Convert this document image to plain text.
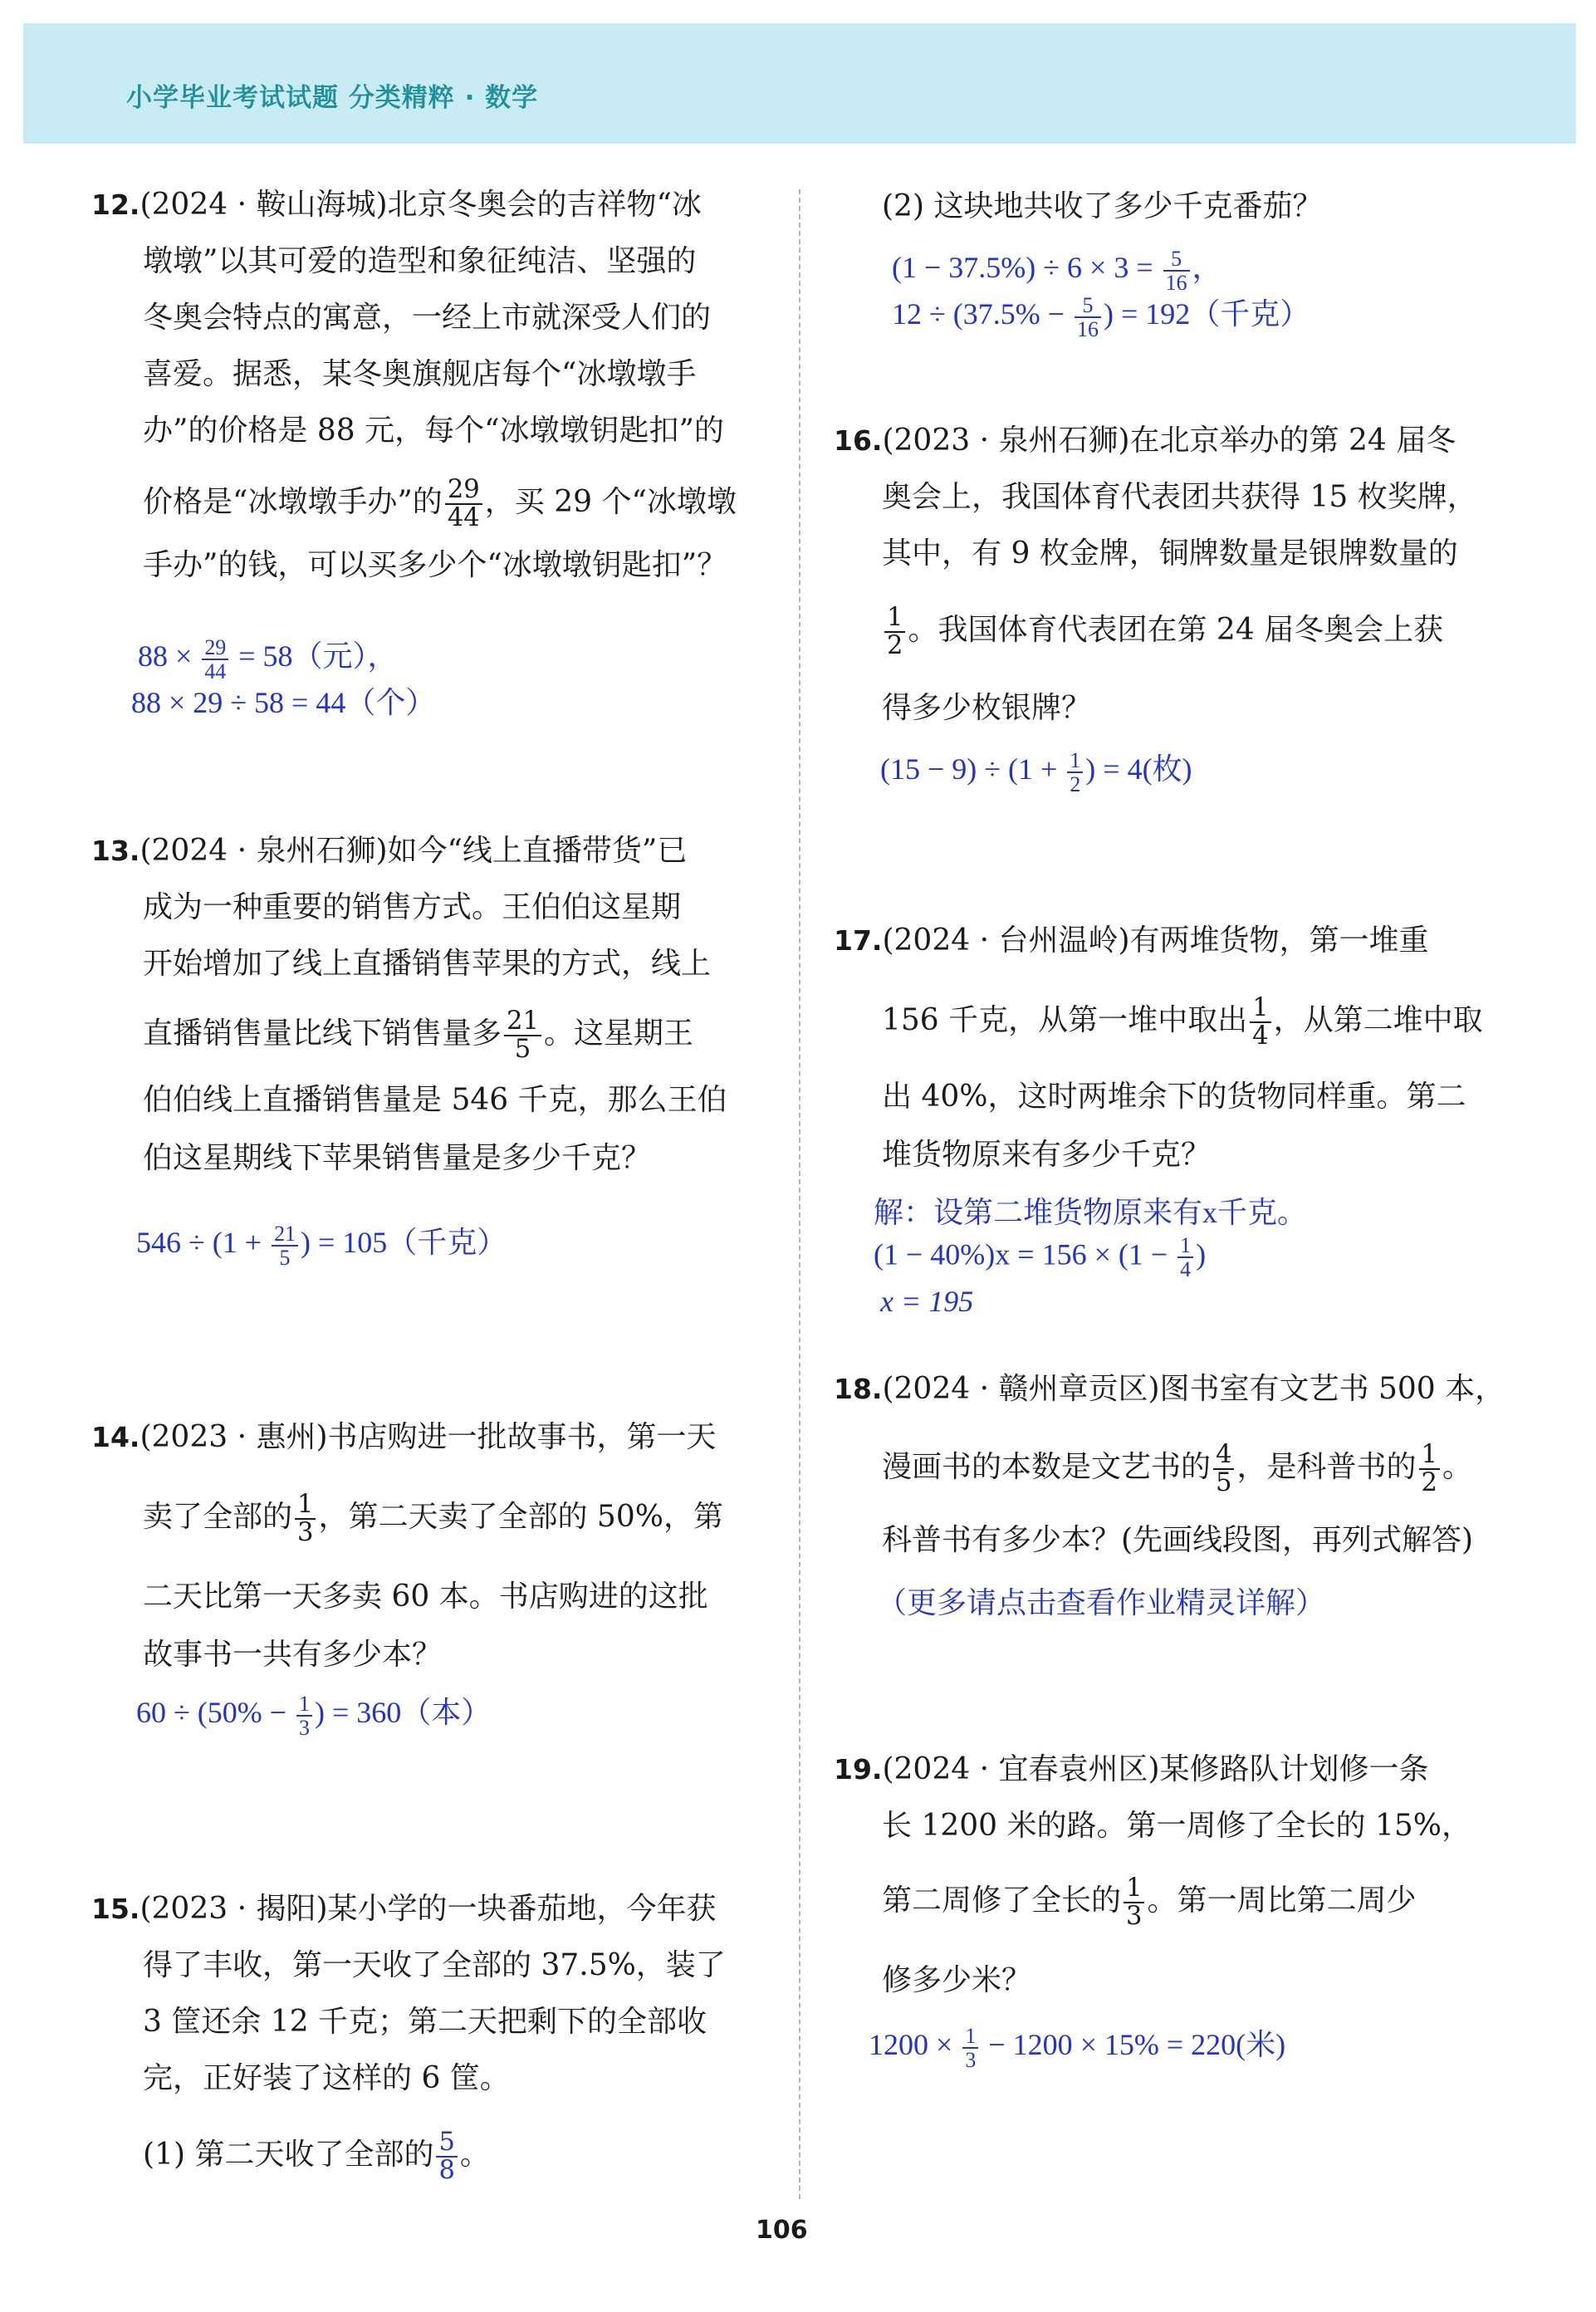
小学毕业考试试题 分类精粹 · 数学
12.(2024 · 鞍山海城)北京冬奥会的吉祥物“冰
墩墩”以其可爱的造型和象征纯洁、坚强的
冬奥会特点的寓意，一经上市就深受人们的
喜爱。据悉，某冬奥旗舰店每个“冰墩墩手
办”的价格是 88 元，每个“冰墩墩钥匙扣”的
价格是“冰墩墩手办”的 $\frac{29}{44}$ ，买 29 个“冰墩墩
手办”的钱，可以买多少个“冰墩墩钥匙扣”？
$88 \times \frac{29}{44} = 58$（元），
88 × 29 ÷ 58 = 44（个）
13.(2024 · 泉州石狮)如今“线上直播带货”已
成为一种重要的销售方式。王伯伯这星期
开始增加了线上直播销售苹果的方式，线上
直播销售量比线下销售量多 $\frac{21}{5}$ 。这星期王
伯伯线上直播销售量是 546 千克，那么王伯
伯这星期线下苹果销售量是多少千克？
$546 \div (1 + \frac{21}{5}$ ) = 105（千克）
14.(2023 · 惠州)书店购进一批故事书，第一天
卖了全部的 $\frac{1}{3}$ ，第二天卖了全部的 50%，第
二天比第一天多卖 60 本。书店购进的这批
故事书一共有多少本？
$60 \div (50\% - \frac{1}{3}$ ) = 360（本）
15.(2023 · 揭阳)某小学的一块番茄地，今年获
得了丰收，第一天收了全部的 37.5%，装了
3 筐还余 12 千克；第二天把剩下的全部收
完，正好装了这样的 6 筐。
(1) 第二天收了全部的 $\frac{5}{8}$ 。
(2) 这块地共收了多少千克番茄？
$(1 - 37.5\%) \div 6 \times 3 = \frac{5}{16}$ ，
$12 \div (37.5\% - \frac{5}{16}$ ) = 192（千克）
16.(2023 · 泉州石狮)在北京举办的第 24 届冬
奥会上，我国体育代表团共获得 15 枚奖牌，
其中，有 9 枚金牌，铜牌数量是银牌数量的
$\frac{1}{2}$ 。我国体育代表团在第 24 届冬奥会上获
得多少枚银牌？
$(15 - 9) \div (1 + \frac{1}{2}$ ) = 4(枚)
17.(2024 · 台州温岭)有两堆货物，第一堆重
156 千克，从第一堆中取出 $\frac{1}{4}$ ，从第二堆中取
出 40%，这时两堆余下的货物同样重。第二
堆货物原来有多少千克？
解：设第二堆货物原来有x千克。
$(1 - 40\%)x = 156 \times (1 - \frac{1}{4}$ )
x = 195
18.(2024 · 赣州章贡区)图书室有文艺书 500 本，
漫画书的本数是文艺书的 $\frac{4}{5}$ ，是科普书的 $\frac{1}{2}$ 。
科普书有多少本？(先画线段图，再列式解答)
（更多请点击查看作业精灵详解）
19.(2024 · 宜春袁州区)某修路队计划修一条
长 1200 米的路。第一周修了全长的 15%，
第二周修了全长的 $\frac{1}{3}$ 。第一周比第二周少
修多少米？
$1200 \times \frac{1}{3} - 1200 \times 15\% = 220$(米)
106
